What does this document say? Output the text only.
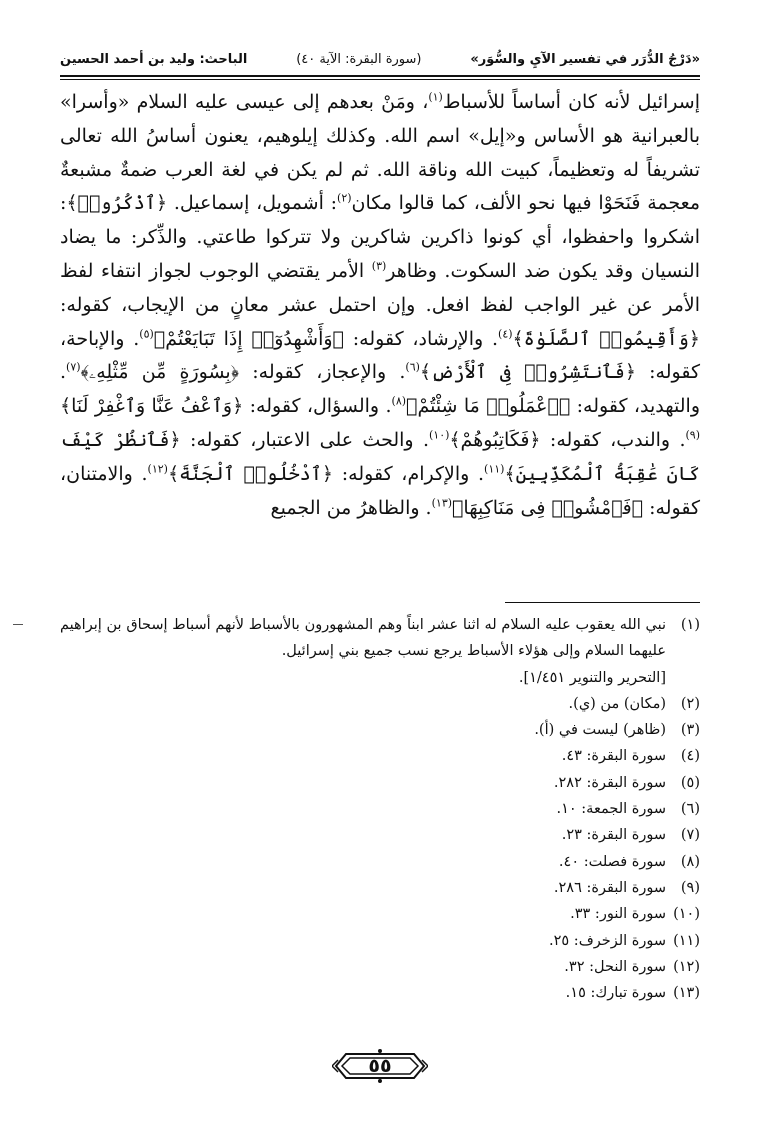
«دَرْجُ الدُّرَر في تفسير الآيِ والسُّوَر»
(سورة البقرة: الآية ٤٠)
الباحث: وليد بن أحمد الحسين

إسرائيل لأنه كان أساساً للأسباط$^{(١)}$، ومَنْ بعدهم إلى عيسى عليه السلام «وأسرا» بالعبرانية هو الأساس و«إيل» اسم الله. وكذلك إيلوهيم، يعنون أساسُ الله تعالى تشريفاً له وتعظيماً، كبيت الله وناقة الله. ثم لم يكن في لغة العرب ضمةٌ مشبعةٌ معجمة فَنَحَوْا فيها نحو الألف، كما قالوا مكان$^{(٢)}$: أشمويل، إسماعيل. ﴿ٱذْكُرُوا۟﴾: اشكروا واحفظوا، أي كونوا ذاكرين شاكرين ولا تتركوا طاعتي. والذِّكر: ما يضاد النسيان وقد يكون ضد السكوت. وظاهر$^{(٣)}$ الأمر يقتضي الوجوب لجواز انتفاء لفظ الأمر عن غير الواجب لفظ افعل. وإن احتمل عشر معانٍ من الإيجاب، كقوله: ﴿وَأَقِيمُوا۟ ٱلصَّلَوٰةَ﴾$^{(٤)}$. والإرشاد، كقوله: ﴿وَأَشْهِدُوٓا۟ إِذَا تَبَايَعْتُمْ﴾$^{(٥)}$. والإباحة، كقوله: ﴿فَٱنتَشِرُوا۟ فِى ٱلْأَرْضِ﴾$^{(٦)}$. والإعجاز، كقوله: ﴿بِسُورَةٍ مِّن مِّثْلِهِۦ﴾$^{(٧)}$. والتهديد، كقوله: ﴿ٱعْمَلُوا۟ مَا شِئْتُمْ﴾$^{(٨)}$. والسؤال، كقوله: ﴿وَٱعْفُ عَنَّا وَٱغْفِرْ لَنَا﴾$^{(٩)}$. والندب، كقوله: ﴿فَكَاتِبُوهُمْ﴾$^{(١٠)}$. والحث على الاعتبار، كقوله: ﴿فَٱنظُرْ كَيْفَ كَانَ عَٰقِبَةُ ٱلْمُكَذِّبِينَ﴾$^{(١١)}$. والإكرام، كقوله: ﴿ٱدْخُلُوا۟ ٱلْجَنَّةَ﴾$^{(١٢)}$. والامتنان، كقوله: ﴿فَٱمْشُوا۟ فِى مَنَاكِبِهَا﴾$^{(١٣)}$. والظاهرُ من الجميع

(١)
نبي الله يعقوب عليه السلام له اثنا عشر ابناً وهم المشهورون بالأسباط لأنهم أسباط إسحاق بن إبراهيم عليهما السلام وإلى هؤلاء الأسباط يرجع نسب جميع بني إسرائيل.
[التحرير والتنوير ١/٤٥١].
(٢)
(مكان) من (ي).
(٣)
(ظاهر) ليست في (أ).
(٤)
سورة البقرة: ٤٣.
(٥)
سورة البقرة: ٢٨٢.
(٦)
سورة الجمعة: ١٠.
(٧)
سورة البقرة: ٢٣.
(٨)
سورة فصلت: ٤٠.
(٩)
سورة البقرة: ٢٨٦.
(١٠)
سورة النور: ٣٣.
(١١)
سورة الزخرف: ٢٥.
(١٢)
سورة النحل: ٣٢.
(١٣)
سورة تبارك: ١٥.
٥٥
